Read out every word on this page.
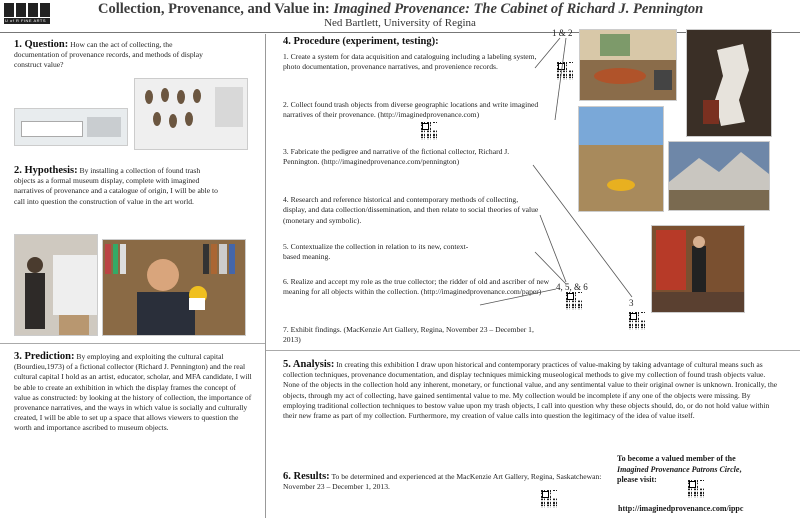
U of R FINE ARTS
Collection, Provenance, and Value in: Imagined Provenance: The Cabinet of Richard J. Pennington
Ned Bartlett, University of Regina
1. Question: How can the act of collecting, the documentation of provenance records, and methods of display construct value?
2. Hypothesis: By installing a collection of found trash objects as a formal museum display, complete with imagined narratives of provenance and a catalogue of origin, I will be able to call into question the construction of value in the art world.
3. Prediction: By employing and exploiting the cultural capital (Bourdieu,1973) of a fictional collector (Richard J. Pennington) and the real cultural capital I hold as an artist, educator, scholar, and MFA candidate, I will be able to create an exhibition in which the display frames the concept of value as constructed: by looking at the history of collection, the importance of provenance narratives, and the ways in which value is socially and culturally created, I will be able to set up a space that allows viewers to question the worth and importance ascribed to museum objects.
4. Procedure (experiment, testing):

1. Create a system for data acquisition and cataloguing including a labeling system, photo documentation, provenance narratives, and provenience records.

2. Collect found trash objects from diverse geographic locations and write imagined narratives of their provenance. (http://imaginedprovenance.com)

3. Fabricate the pedigree and narrative of the fictional collector, Richard J. Pennington. (http://imaginedprovenance.com/pennington)

4. Research and reference historical and contemporary methods of collecting, display, and data collection/dissemination, and then relate to social theories of value (monetary and symbolic).

5. Contextualize the collection in relation to its new, context-based meaning.

6. Realize and accept my role as the true collector; the ridder of old and ascriber of new meaning for all objects within the collection. (http://imaginedprovenance.com/paper)

7. Exhibit findings. (MacKenzie Art Gallery, Regina, November 23 – December 1, 2013)

1 & 2
4, 5, & 6
3
5. Analysis: In creating this exhibition I draw upon historical and contemporary practices of value-making by taking advantage of cultural means such as collection techniques, provenance documentation, and display techniques mimicking museological methods to give my collection of found trash objects value. None of the objects in the collection hold any inherent, monetary, or functional value, and any sentimental value to their original owner is unknown. Ironically, the objects, through my act of collecting, have gained sentimental value to me. My collection would be incomplete if any one of the objects were missing. By employing traditional collection techniques to bestow value upon my trash objects, I call into question why these objects should, do, or do not hold value within their new frame as part of my collection. Furthermore, my creation of value calls into question the legitimacy of the idea of value itself.
6. Results: To be determined and experienced at the MacKenzie Art Gallery, Regina, Saskatchewan: November 23 – December 1, 2013.
To become a valued member of the
Imagined Provenance Patrons Circle,
please visit:
http://imaginedprovenance.com/ippc
